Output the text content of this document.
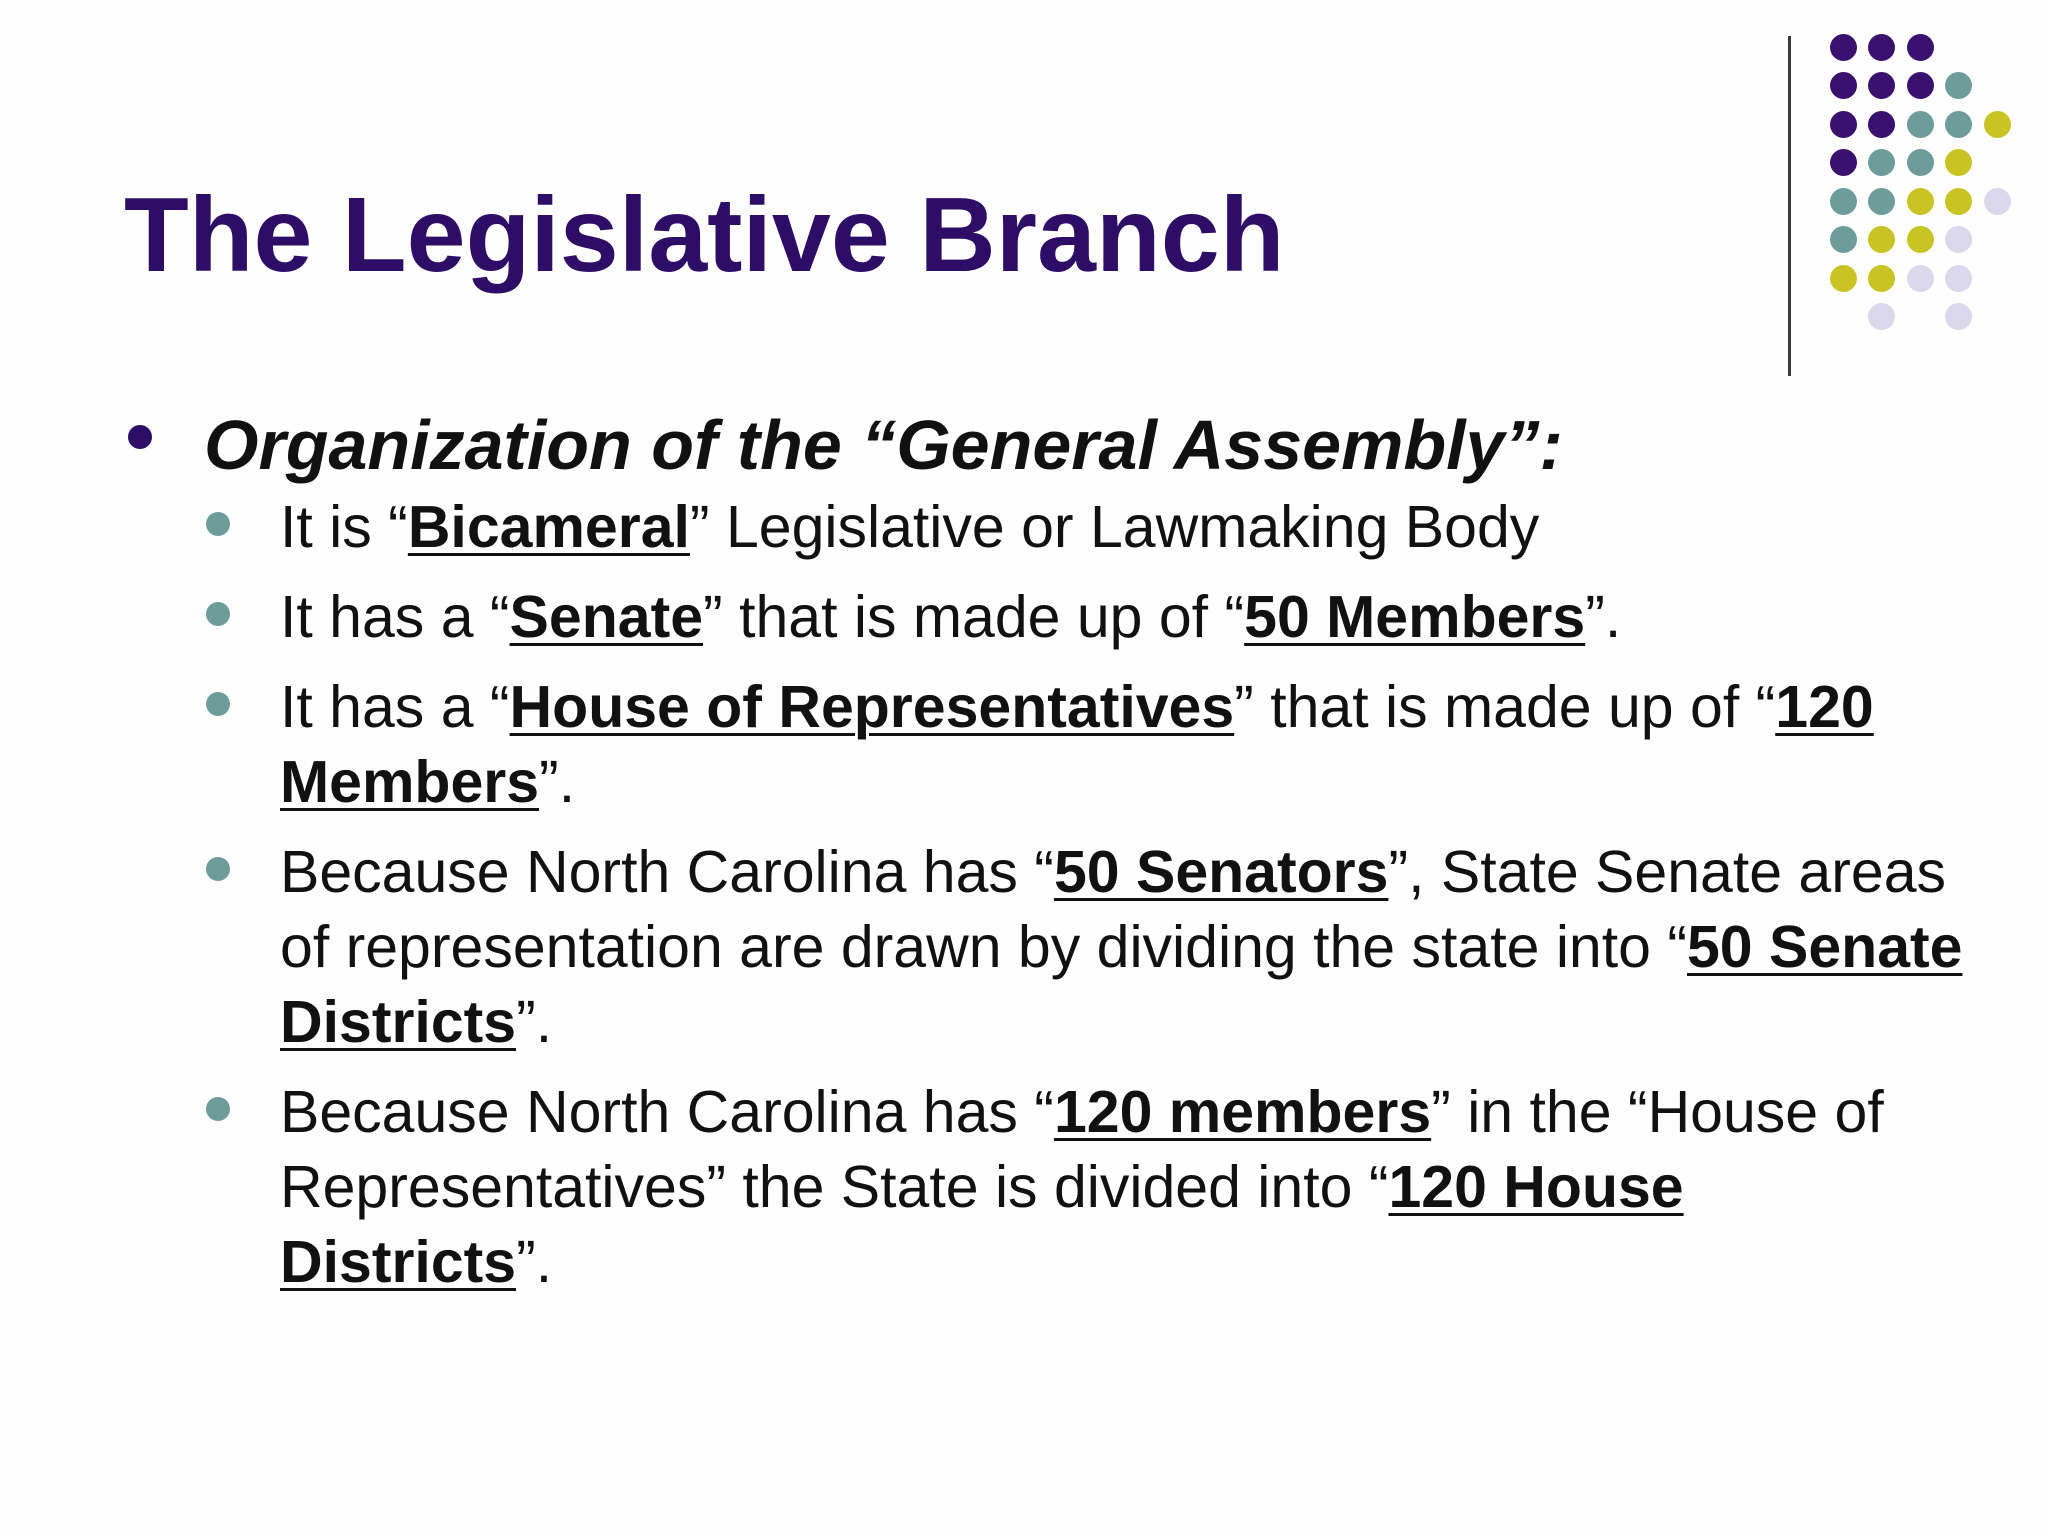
The Legislative Branch
Organization of the “General Assembly”:
It is “Bicameral” Legislative or Lawmaking Body
It has a “Senate” that is made up of “50 Members”.
It has a “House of Representatives” that is made up of “120 Members”.
Because North Carolina has “50 Senators”, State Senate areas of representation are drawn by dividing the state into “50 Senate Districts”.
Because North Carolina has “120 members” in the “House of Representatives” the State is divided into “120 House Districts”.
